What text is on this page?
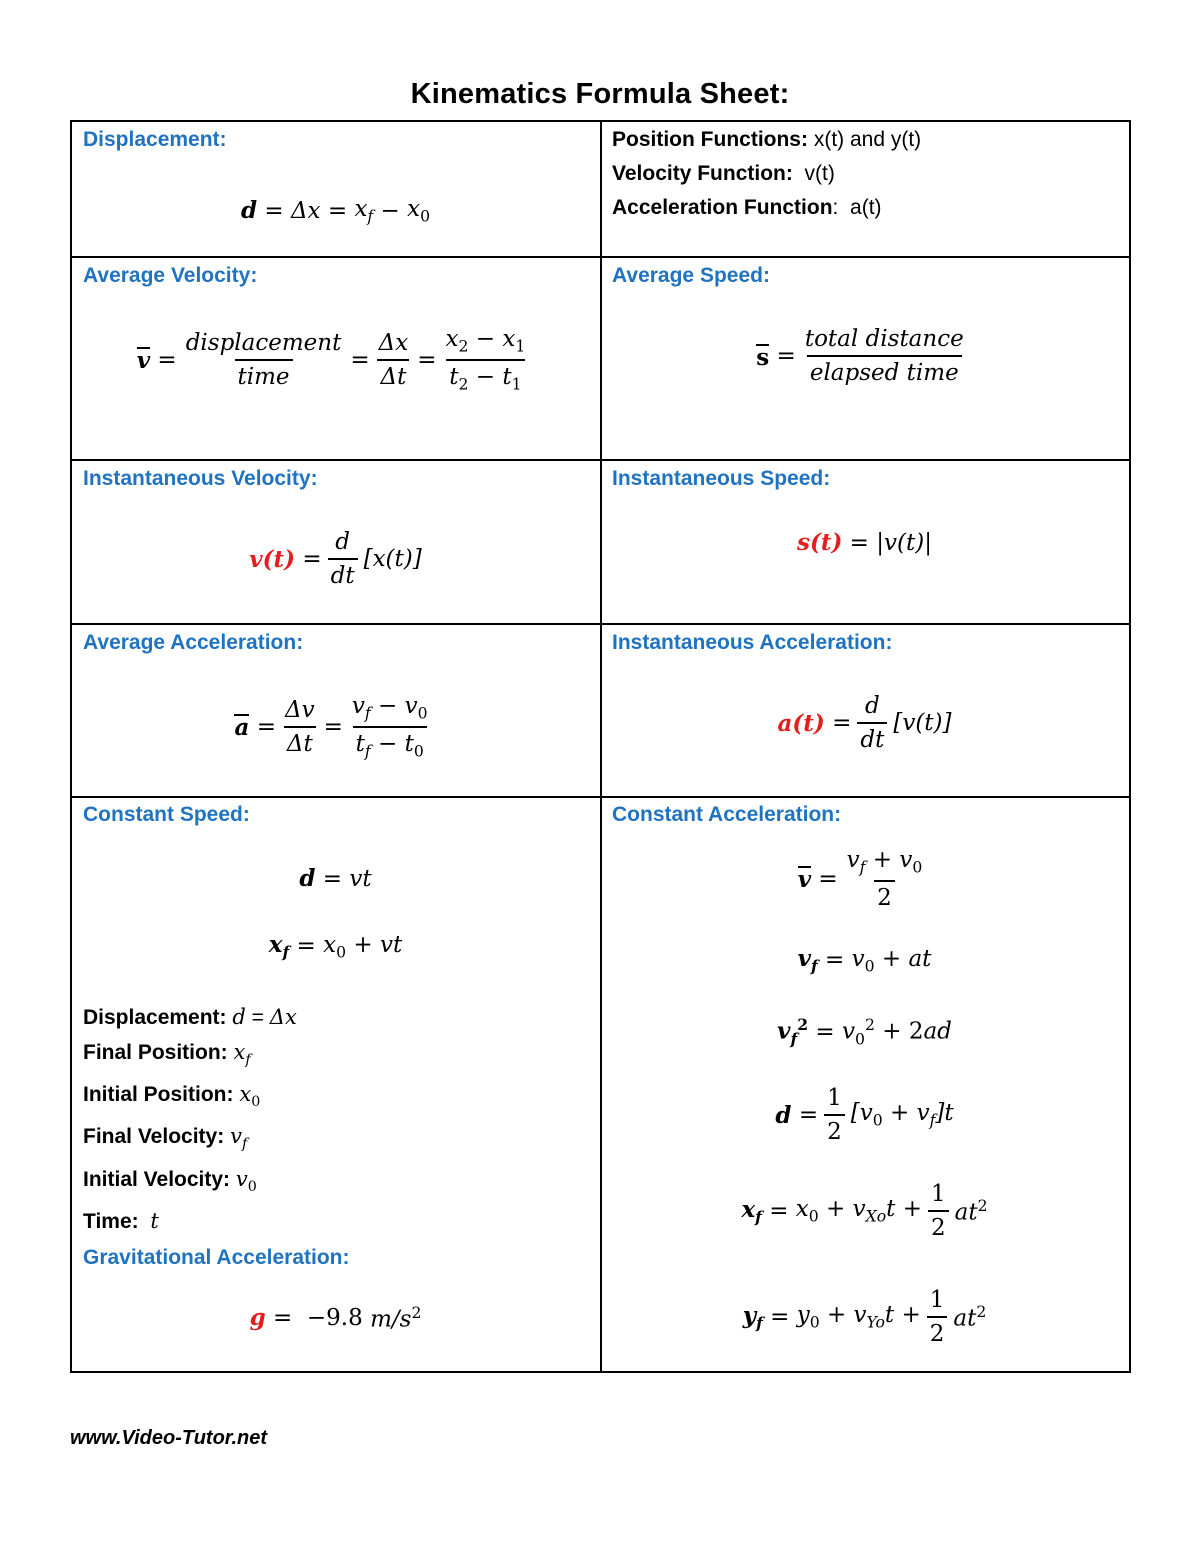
Kinematics Formula Sheet:
Displacement:
$d = \Delta x = x_f - x_0$
Position Functions: x(t) and y(t)
Velocity Function: v(t)
Acceleration Function: a(t)
Average Velocity:
$v = \frac{\text{displacement}}{\text{time}} = \frac{\Delta x}{\Delta t} = \frac{x_2 - x_1}{t_2 - t_1}$
Average Speed:
$s = \frac{\text{total distance}}{\text{elapsed time}}$
Instantaneous Velocity:
$v(t) = \frac{d}{dt} [x(t)]$
Instantaneous Speed:
s(t) = |v(t)|
Average Acceleration:
$a = \frac{\Delta v}{\Delta t} = \frac{v_f - v_0}{t_f - t_0}$
Instantaneous Acceleration:
$a(t) = \frac{d}{dt} [v(t)]$
Constant Speed:
d = vt
$x_f = x_0$ + vt
Displacement: d = Δx
Final Position: $x_f$
Initial Position: $x_0$
Final Velocity: $v_f$
Initial Velocity: $v_0$
Time: t
Gravitational Acceleration:
g = −9.8
$m/s^2$
Constant Acceleration:
$v = \frac{v_f + v_0}{2}$
$v_f = v_0$ + at
$v_f^2 = v_0^2 + 2ad$
$d = \frac{1}{2} [v_0 + v_f]t$
$x_f = x_0 + v_{Xo}t + \frac{1}{2} at^2$
$y_f = y_0 + v_{Yo}t + \frac{1}{2} at^2$
www.Video-Tutor.net
